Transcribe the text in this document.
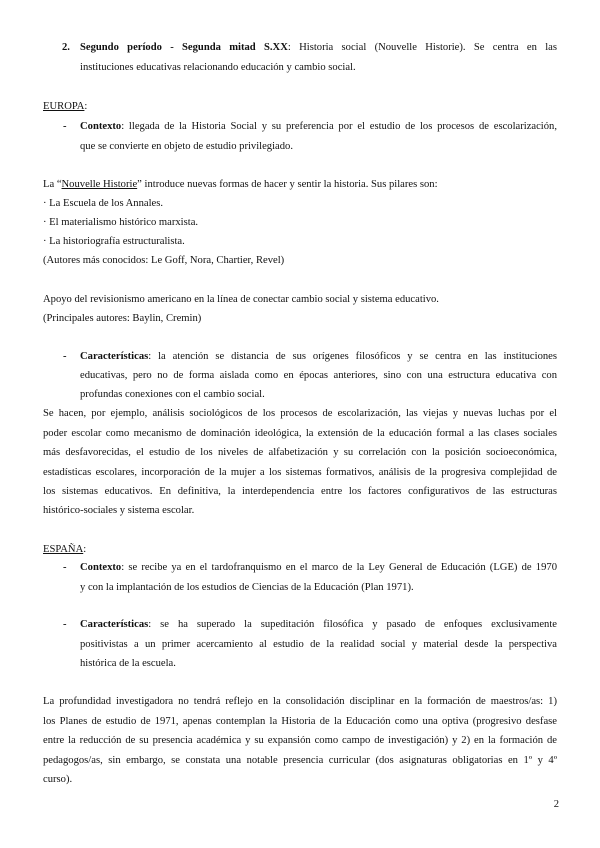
2. Segundo período - Segunda mitad S.XX: Historia social (Nouvelle Historie). Se centra en las

instituciones educativas relacionando educación y cambio social.

EUROPA:

-	Contexto: llegada de la Historia Social y su preferencia por el estudio de los procesos de escolarización,

que se convierte en objeto de estudio privilegiado.

La “Nouvelle Historie” introduce nuevas formas de hacer y sentir la historia. Sus pilares son:

· La Escuela de los Annales.

· El materialismo histórico marxista.

· La historiografía estructuralista.

(Autores más conocidos: Le Goff, Nora, Chartier, Revel)

Apoyo del revisionismo americano en la línea de conectar cambio social y sistema educativo.

(Principales autores: Baylin, Cremin)

-	Características: la atención se distancia de sus orígenes filosóficos y se centra en las instituciones

educativas, pero no de forma aislada como en épocas anteriores, sino con una estructura educativa con

profundas conexiones con el cambio social.

Se hacen, por ejemplo, análisis sociológicos de los procesos de escolarización, las viejas y nuevas luchas por el

poder escolar como mecanismo de dominación ideológica, la extensión de la educación formal a las clases sociales

más desfavorecidas, el estudio de los niveles de alfabetización y su correlación con la posición socioeconómica,

estadísticas escolares, incorporación de la mujer a los sistemas formativos, análisis de la progresiva complejidad de

los sistemas educativos. En definitiva, la interdependencia entre los factores configurativos de las estructuras

histórico-sociales y sistema escolar.

ESPAÑA:

-	Contexto: se recibe ya en el tardofranquismo en el marco de la Ley General de Educación (LGE) de 1970

y con la implantación de los estudios de Ciencias de la Educación (Plan 1971).

-	Características: se ha superado la supeditación filosófica y pasado de enfoques exclusivamente

positivistas a un primer acercamiento al estudio de la realidad social y material desde la perspectiva

histórica de la escuela.

La profundidad investigadora no tendrá reflejo en la consolidación disciplinar en la formación de maestros/as: 1)

los Planes de estudio de 1971, apenas contemplan la Historia de la Educación como una optiva (progresivo desfase

entre la reducción de su presencia académica y su expansión como campo de investigación) y 2) en la formación de

pedagogos/as, sin embargo, se constata una notable presencia curricular (dos asignaturas obligatorias en 1º y 4º

curso).

2
